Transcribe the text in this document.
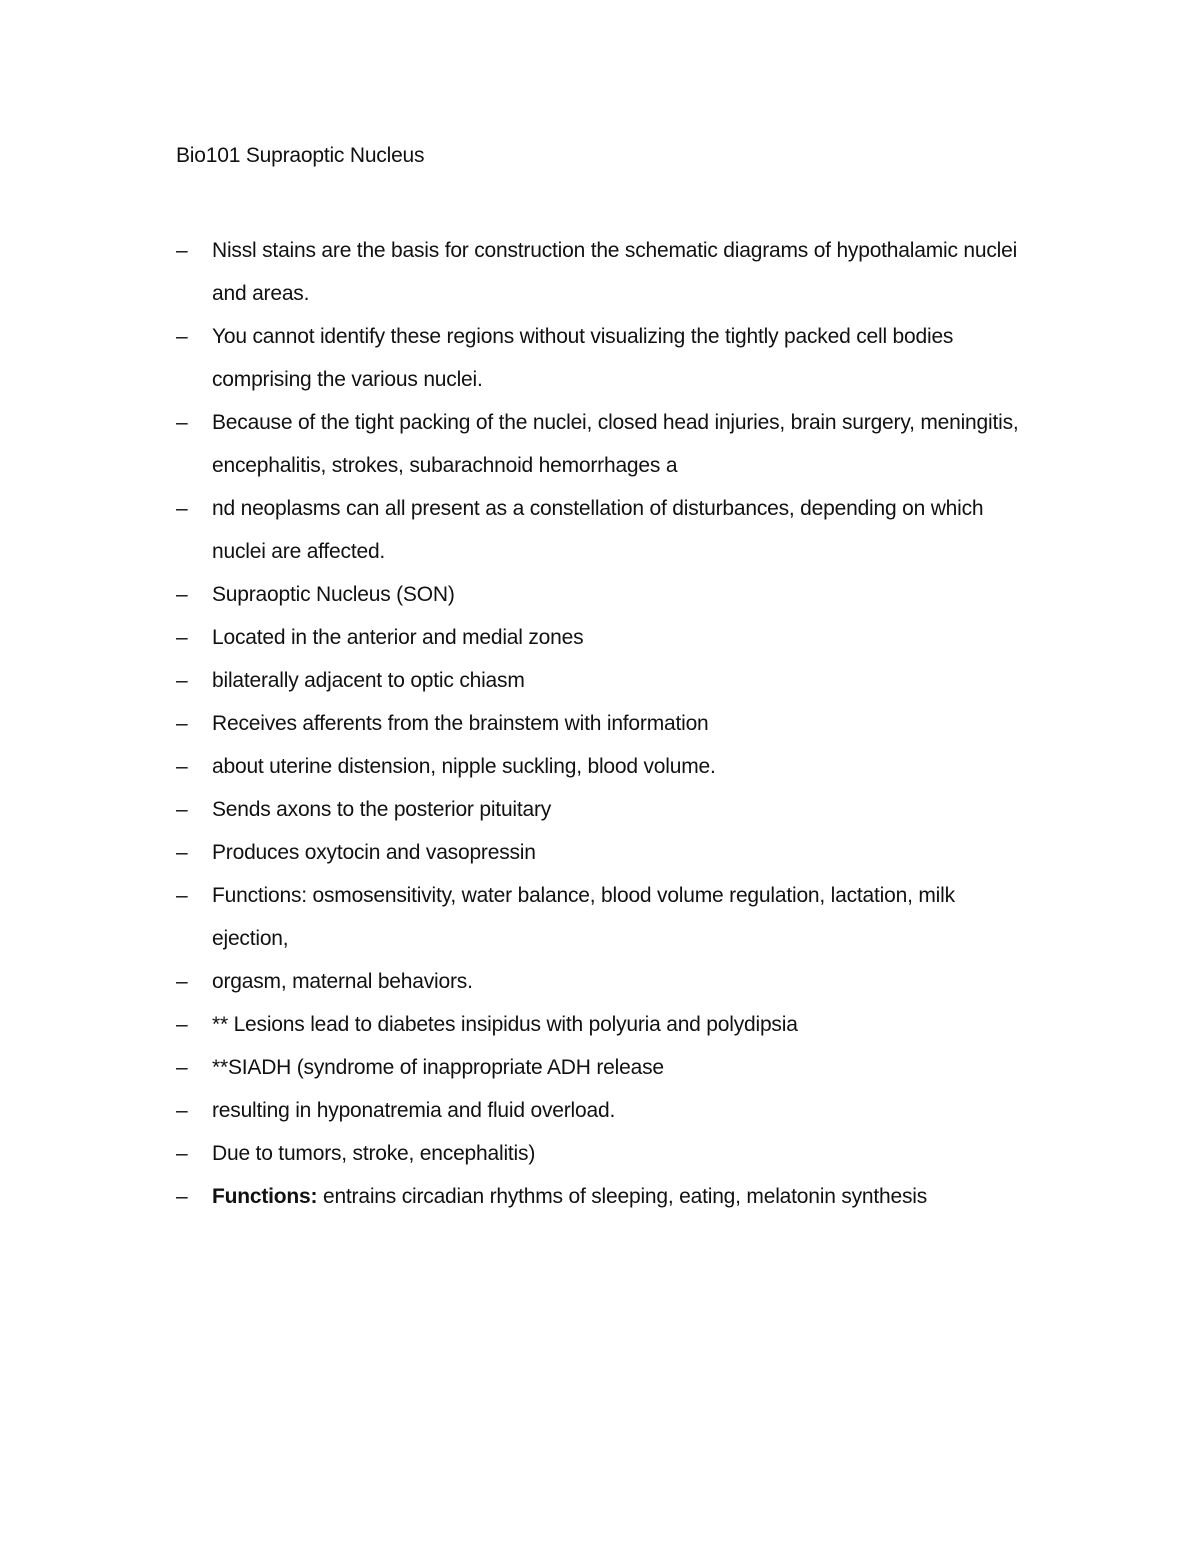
Bio101 Supraoptic Nucleus
–	Nissl stains are the basis for construction the schematic diagrams of hypothalamic nuclei
and areas.
–	You cannot identify these regions without visualizing the tightly packed cell bodies
comprising the various nuclei.
–	Because of the tight packing of the nuclei, closed head injuries, brain surgery, meningitis,
encephalitis, strokes, subarachnoid hemorrhages a
–	nd neoplasms can all present as a constellation of disturbances, depending on which
nuclei are affected.
–	Supraoptic Nucleus (SON)
–	Located in the anterior and medial zones
–	bilaterally adjacent to optic chiasm
–	Receives afferents from the brainstem with information
–	about uterine distension, nipple suckling, blood volume.
–	Sends axons to the posterior pituitary
–	Produces oxytocin and vasopressin
–	Functions: osmosensitivity, water balance, blood volume regulation, lactation, milk
ejection,
–	orgasm, maternal behaviors.
–	** Lesions lead to diabetes insipidus with polyuria and polydipsia
–	**SIADH (syndrome of inappropriate ADH release
–	resulting in hyponatremia and fluid overload.
–	Due to tumors, stroke, encephalitis)
–	Functions: entrains circadian rhythms of sleeping, eating, melatonin synthesis
